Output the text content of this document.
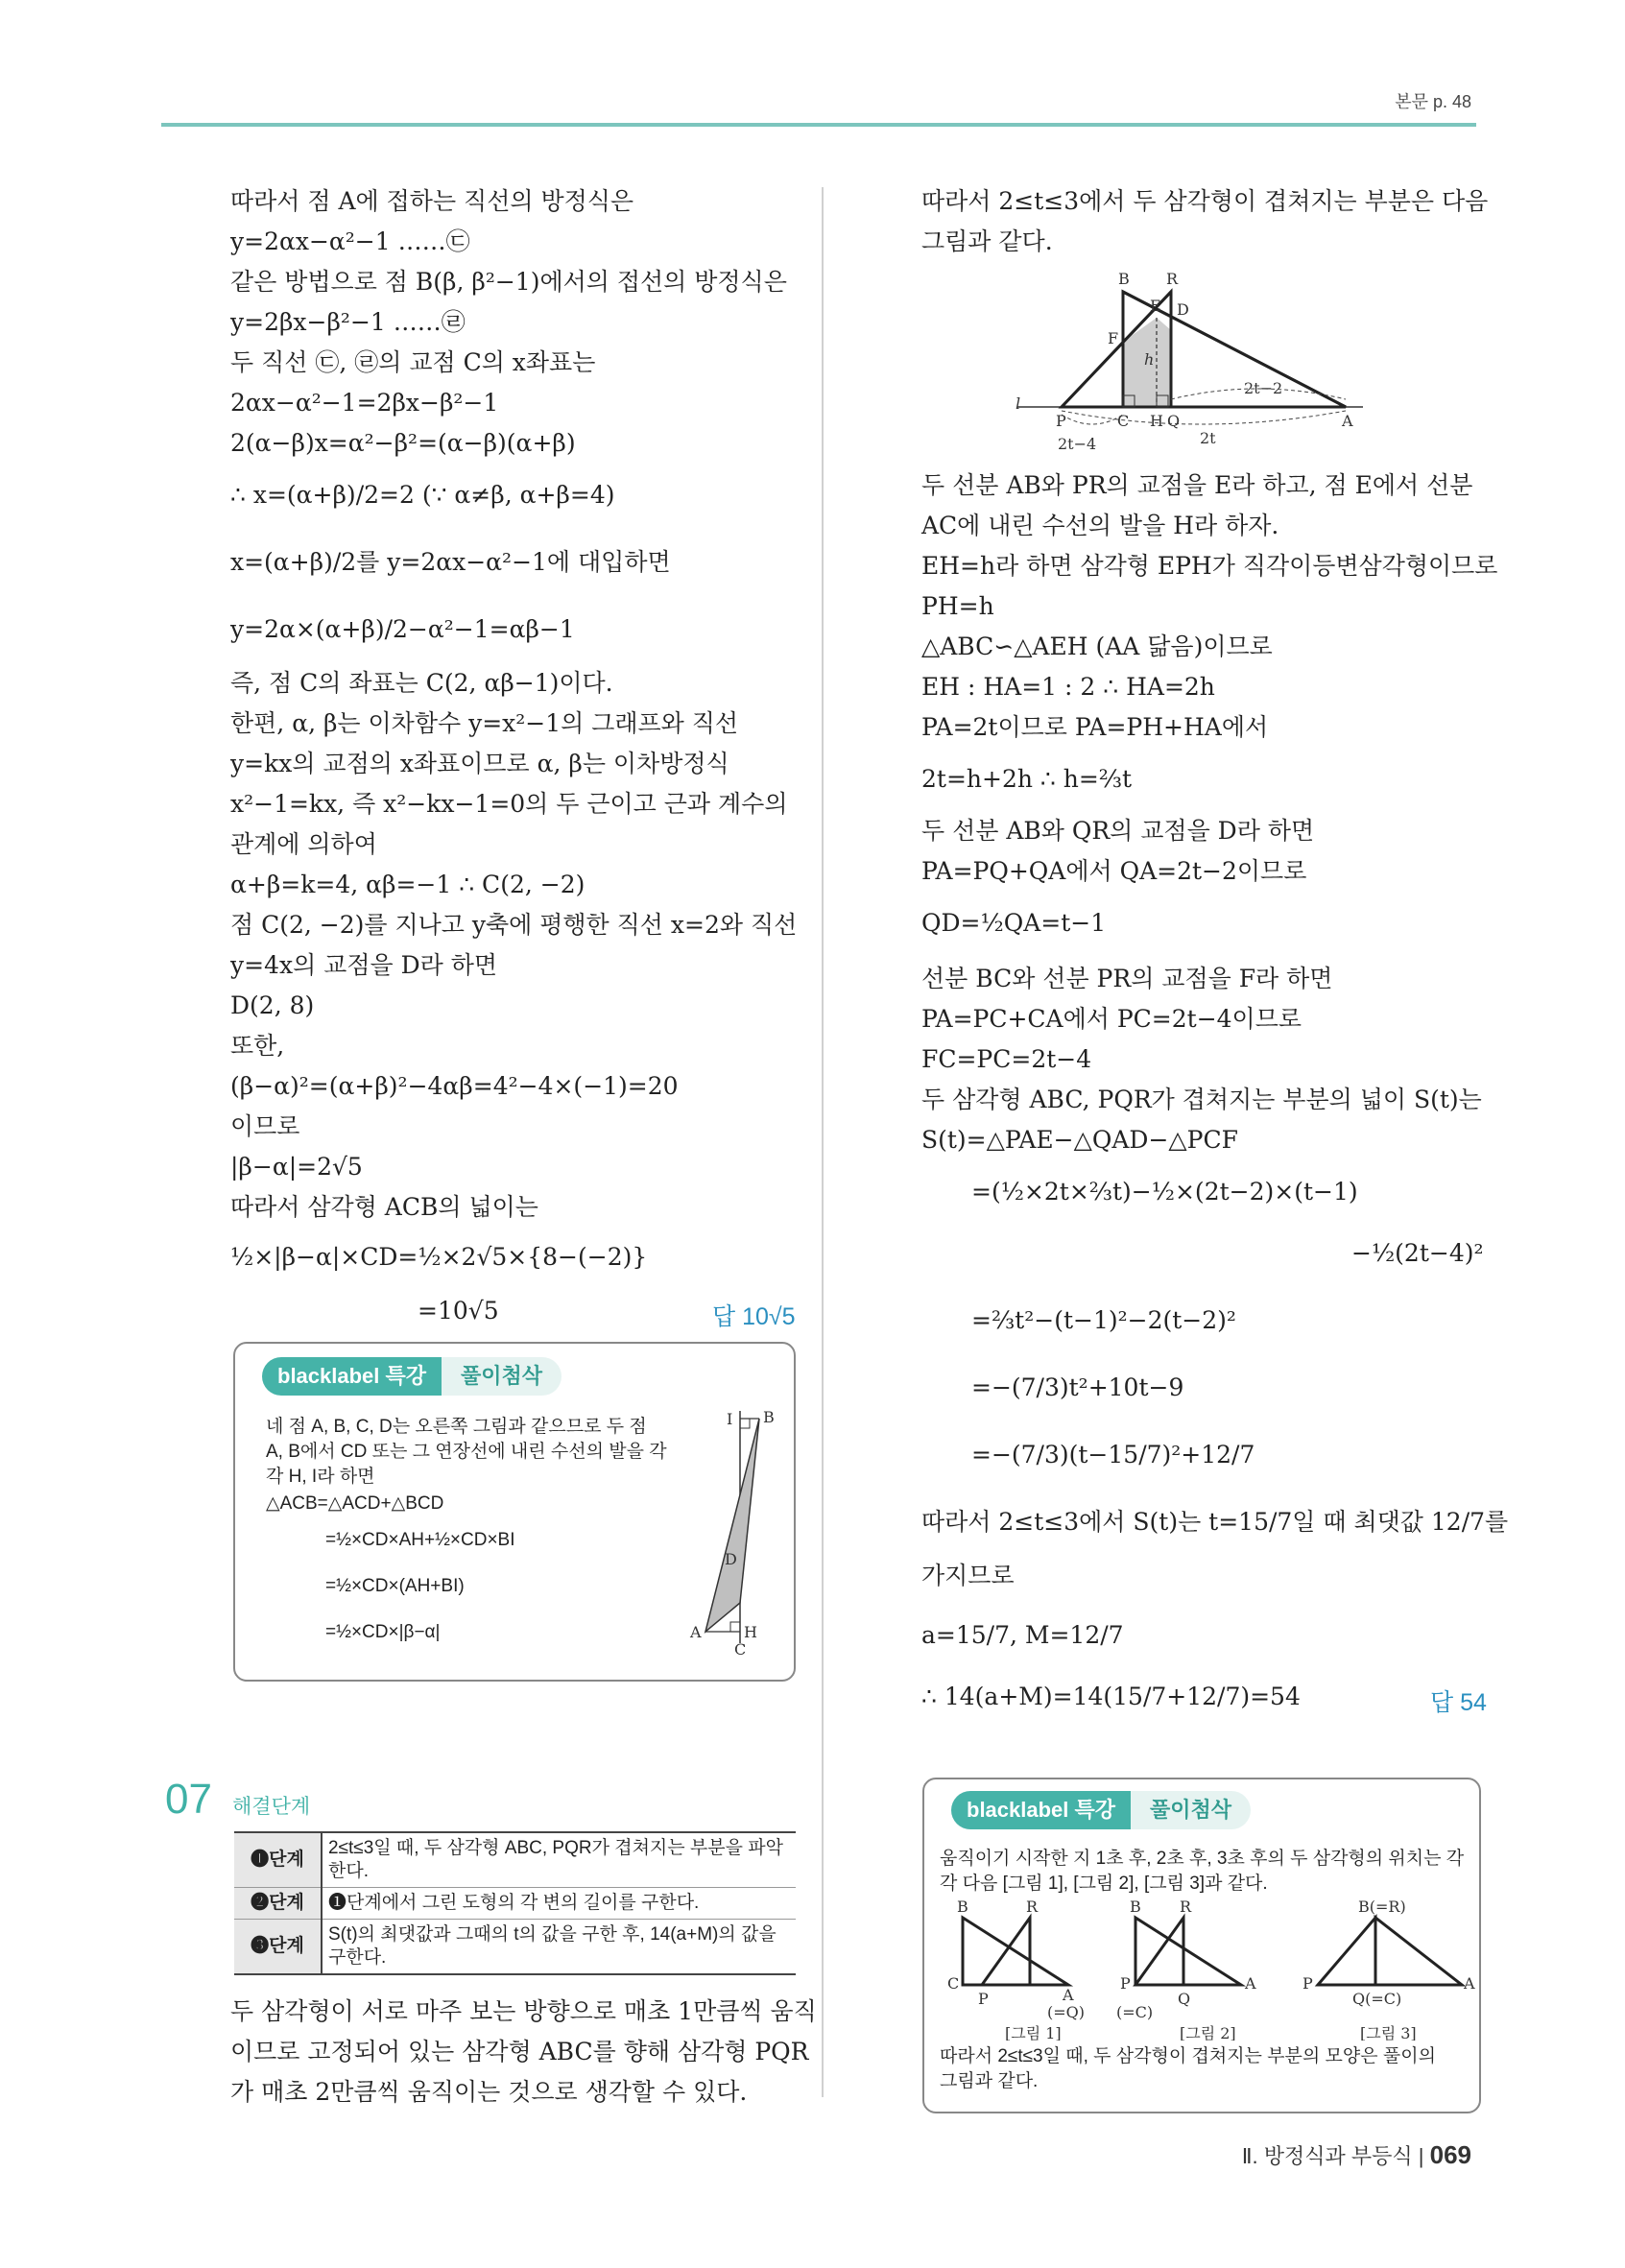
본문 p. 48
따라서 점 A에 접하는 직선의 방정식은
y=2αx−α²−1 ……㉢
같은 방법으로 점 B(β, β²−1)에서의 접선의 방정식은
y=2βx−β²−1 ……㉣
두 직선 ㉢, ㉣의 교점 C의 x좌표는
2αx−α²−1=2βx−β²−1
2(α−β)x=α²−β²=(α−β)(α+β)
∴ x=(α+β)/2=2 (∵ α≠β, α+β=4)
x=(α+β)/2를 y=2αx−α²−1에 대입하면
y=2α×(α+β)/2−α²−1=αβ−1
즉, 점 C의 좌표는 C(2, αβ−1)이다.
한편, α, β는 이차함수 y=x²−1의 그래프와 직선
y=kx의 교점의 x좌표이므로 α, β는 이차방정식
x²−1=kx, 즉 x²−kx−1=0의 두 근이고 근과 계수의
관계에 의하여
α+β=k=4, αβ=−1 ∴ C(2, −2)
점 C(2, −2)를 지나고 y축에 평행한 직선 x=2와 직선
y=4x의 교점을 D라 하면
D(2, 8)
또한,
(β−α)²=(α+β)²−4αβ=4²−4×(−1)=20
이므로
|β−α|=2√5
따라서 삼각형 ACB의 넓이는
½×|β−α|×CD=½×2√5×{8−(−2)}
=10√5	답 10√5
blacklabel 특강	풀이첨삭
네 점 A, B, C, D는 오른쪽 그림과 같으므로 두 점
A, B에서 CD 또는 그 연장선에 내린 수선의 발을 각
각 H, I라 하면
△ACB=△ACD+△BCD
=½×CD×AH+½×CD×BI
=½×CD×(AH+BI)
=½×CD×|β−α|
I B
D
A	H
C
07 해결단계
❶단계	2≤t≤3일 때, 두 삼각형 ABC, PQR가 겹쳐지는 부분을 파악한다.
❷단계	❶단계에서 그린 도형의 각 변의 길이를 구한다.
❸단계	S(t)의 최댓값과 그때의 t의 값을 구한 후, 14(a+M)의 값을 구한다.
두 삼각형이 서로 마주 보는 방향으로 매초 1만큼씩 움직
이므로 고정되어 있는 삼각형 ABC를 향해 삼각형 PQR
가 매초 2만큼씩 움직이는 것으로 생각할 수 있다.
따라서 2≤t≤3에서 두 삼각형이 겹쳐지는 부분은 다음
그림과 같다.
B R
E D
F
h
l
P	C H Q	A
2t−2
2t
2t−4
두 선분 AB와 PR의 교점을 E라 하고, 점 E에서 선분
AC에 내린 수선의 발을 H라 하자.
EH=h라 하면 삼각형 EPH가 직각이등변삼각형이므로
PH=h
△ABC∽△AEH (AA 닮음)이므로
EH : HA=1 : 2 ∴ HA=2h
PA=2t이므로 PA=PH+HA에서
2t=h+2h ∴ h=⅔t
두 선분 AB와 QR의 교점을 D라 하면
PA=PQ+QA에서 QA=2t−2이므로
QD=½QA=t−1
선분 BC와 선분 PR의 교점을 F라 하면
PA=PC+CA에서 PC=2t−4이므로
FC=PC=2t−4
두 삼각형 ABC, PQR가 겹쳐지는 부분의 넓이 S(t)는
S(t)=△PAE−△QAD−△PCF
=(½×2t×⅔t)−½×(2t−2)×(t−1)
−½(2t−4)²
=⅔t²−(t−1)²−2(t−2)²
=−(7/3)t²+10t−9
=−(7/3)(t−15/7)²+12/7
따라서 2≤t≤3에서 S(t)는 t=15/7일 때 최댓값 12/7를
가지므로
a=15/7, M=12/7
∴ 14(a+M)=14(15/7+12/7)=54	답 54
blacklabel 특강	풀이첨삭
움직이기 시작한 지 1초 후, 2초 후, 3초 후의 두 삼각형의 위치는 각
각 다음 [그림 1], [그림 2], [그림 3]과 같다.
B	R
C
P	A
(=Q)
[그림 1]
B	R
P
(=C)
Q
A
[그림 2]
B(=R)
P
Q(=C)
A
[그림 3]
따라서 2≤t≤3일 때, 두 삼각형이 겹쳐지는 부분의 모양은 풀이의
그림과 같다.
Ⅱ. 방정식과 부등식 | 069
